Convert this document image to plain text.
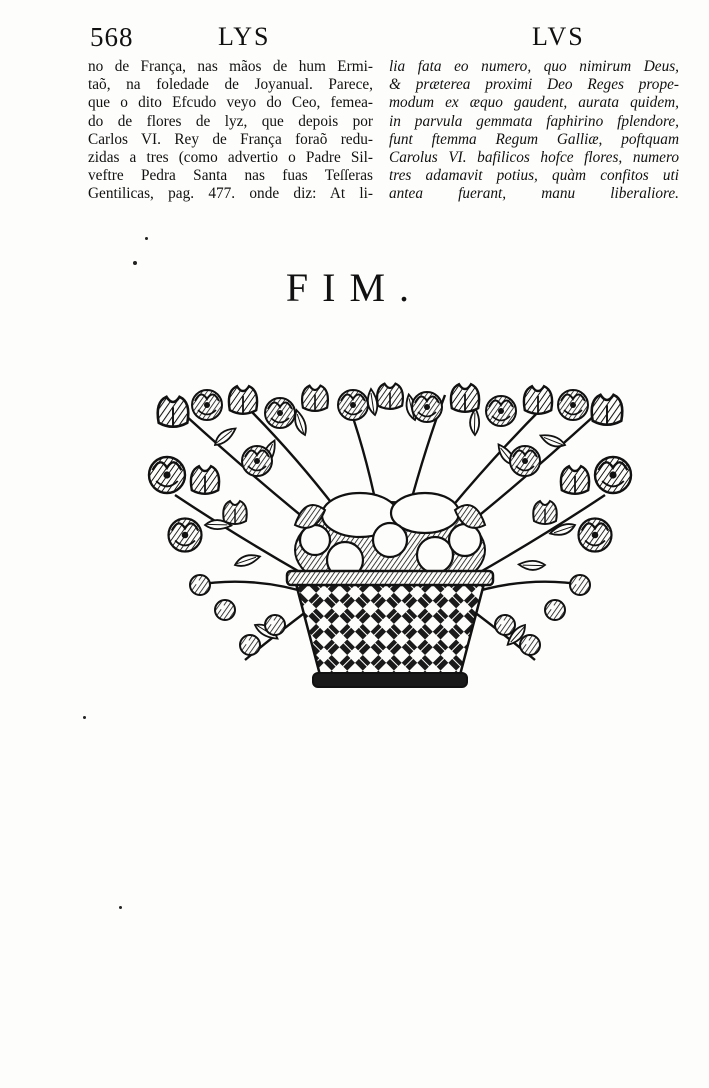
568	LYS	LVS
no de França, nas mãos de hum Ermi-
taõ, na foledade de Joyanual. Parece,
que o dito Efcudo veyo do Ceo, femea-
do de flores de lyz, que depois por
Carlos VI. Rey de França foraõ redu-
zidas a tres (como advertio o Padre Sil-
veftre Pedra Santa nas fuas Teſſeras
Gentilicas, pag. 477. onde diz: At li-
lia fata eo numero, quo nimirum Deus,
& præterea proximi Deo Reges prope-
modum ex æquo gaudent, aurata quidem,
in parvula gemmata faphirino fplendore,
funt ftemma Regum Galliæ, poftquam
Carolus VI. bafilicos hofce flores, numero
tres adamavit potius, quàm confitos uti
antea fuerant, manu liberaliore.
FIM.
